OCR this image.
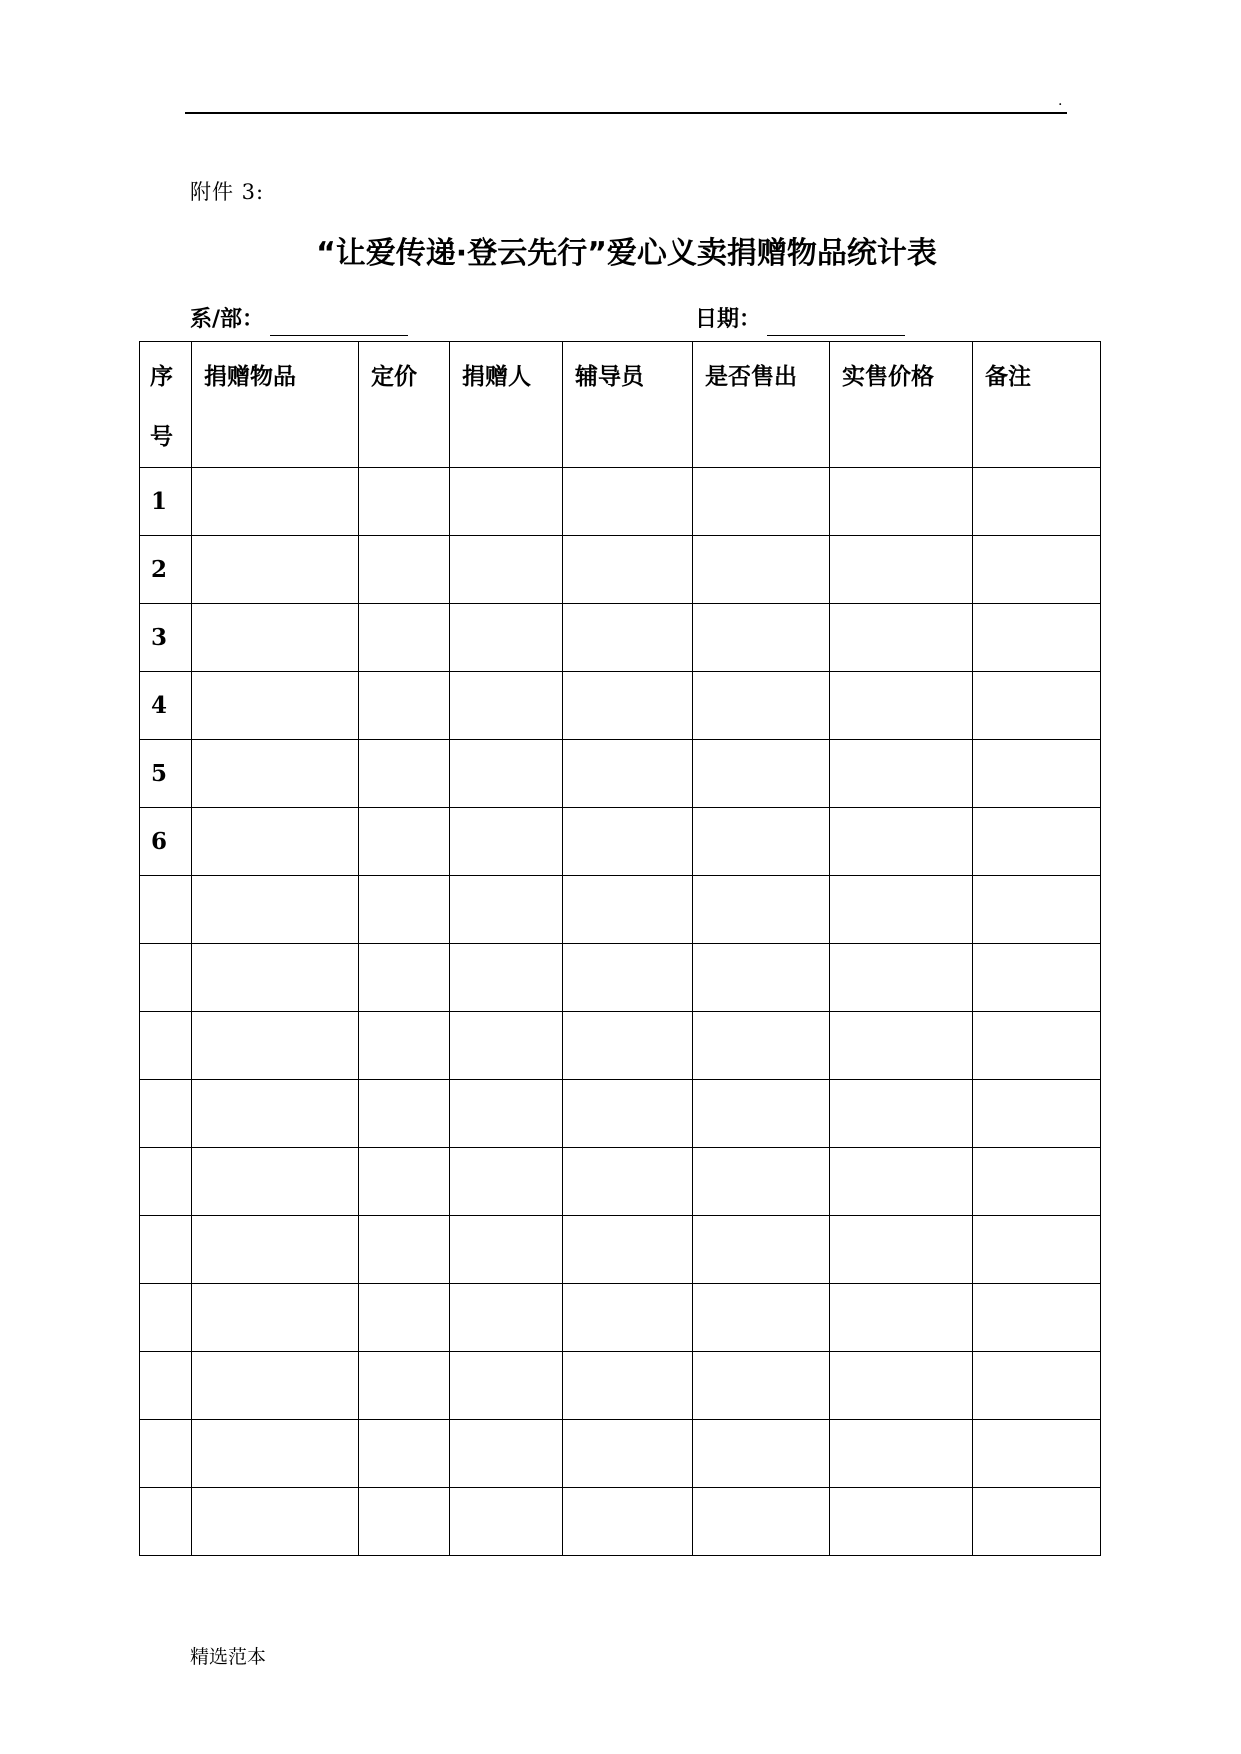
.
附件 3:
“让爱传递·登云先行”爱心义卖捐赠物品统计表
系/部：	日期：
序号	捐赠物品	定价	捐赠人	辅导员	是否售出	实售价格	备注
1							
2							
3							
4							
5							
6							

精选范本
